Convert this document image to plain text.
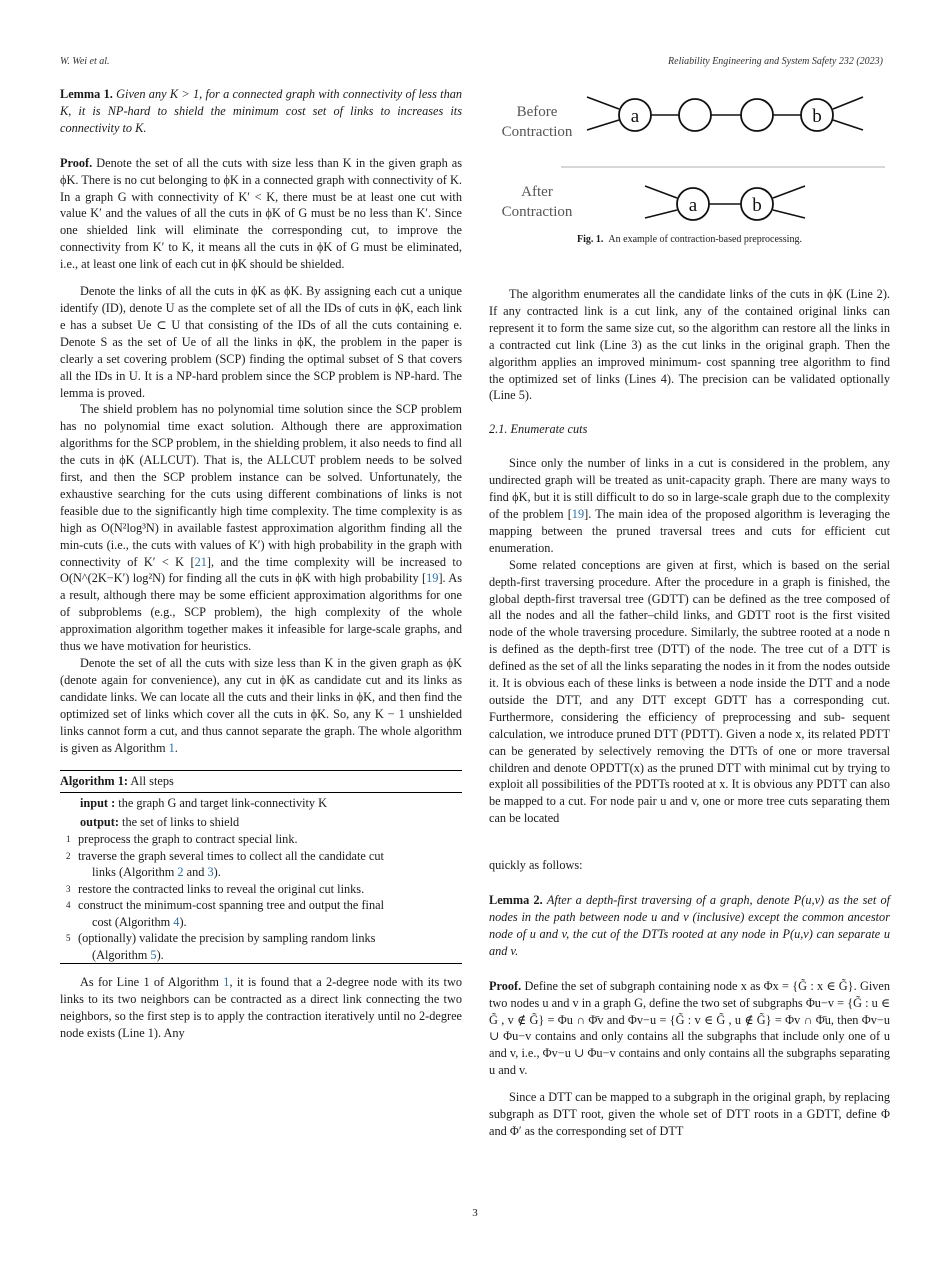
W. Wei et al.	Reliability Engineering and System Safety 232 (2023)

Lemma 1. Given any K > 1, for a connected graph with connectivity of less than K, it is NP-hard to shield the minimum cost set of links to increases its connectivity to K.

Proof. Denote the set of all the cuts with size less than K in the given graph as ϕK. There is no cut belonging to ϕK in a connected graph with connectivity of K. In a graph G with connectivity of K′ < K, there must be at least one cut with value K′ and the values of all the cuts in ϕK of G must be no less than K′. Since one shielded link will eliminate the corresponding cut, to improve the connectivity from K′ to K, it means all the cuts in ϕK of G must be eliminated, i.e., at least one link of each cut in ϕK should be shielded.

Denote the links of all the cuts in ϕK as ϕK. By assigning each cut a unique identify (ID), denote U as the complete set of all the IDs of cuts in ϕK, each link e has a subset Ue ⊂ U that consisting of the IDs of all the cuts containing e. Denote S as the set of Ue of all the links in ϕK, the problem in the paper is clearly a set covering problem (SCP) finding the optimal subset of S that covers all the IDs in U. It is a NP-hard problem since the SCP problem is NP-hard. The lemma is proved.

The shield problem has no polynomial time solution since the SCP problem has no polynomial time exact solution. Although there are approximation algorithms for the SCP problem, in the shielding problem, it also needs to find all the cuts in ϕK (ALLCUT). That is, the ALLCUT problem needs to be solved first, and then the SCP problem instance can be solved. Unfortunately, the exhaustive searching for the cuts using different combinations of links is not feasible due to the significantly high time complexity. The time complexity is as high as O(N²log³N) in available fastest approximation algorithm finding all the min-cuts (i.e., the cuts with values of K′) with high probability in the graph with connectivity of K′ < K [21], and the time complexity will be increased to O(N^(2K−K′) log²N) for finding all the cuts in ϕK with high probability [19]. As a result, although there may be some efficient approximation algorithms for one of subproblems (e.g., SCP problem), the high complexity of the whole approximation algorithm together makes it infeasible for large-scale graphs, and thus we have motivation for heuristics.

Denote the set of all the cuts with size less than K in the given graph as ϕK (denote again for convenience), any cut in ϕK as candidate cut and its links as candidate links. We can locate all the cuts and their links in ϕK, and then find the optimized set of links which cover all the cuts in ϕK. So, any K − 1 unshielded links cannot form a cut, and thus cannot separate the graph. The whole algorithm is given as Algorithm 1.

Algorithm 1: All steps
input : the graph G and target link-connectivity K
output: the set of links to shield
1 preprocess the graph to contract special link.
2 traverse the graph several times to collect all the candidate cut
links (Algorithm 2 and 3).
3 restore the contracted links to reveal the original cut links.
4 construct the minimum-cost spanning tree and output the final
cost (Algorithm 4).
5 (optionally) validate the precision by sampling random links
(Algorithm 5).

As for Line 1 of Algorithm 1, it is found that a 2-degree node with its two links to its two neighbors can be contracted as a direct link connecting the two neighbors, so the first step is to apply the contraction iteratively until no 2-degree node exists (Line 1). Any

Before
Contraction
a	b
After
Contraction	a	b
Fig. 1. An example of contraction-based preprocessing.

The algorithm enumerates all the candidate links of the cuts in ϕK (Line 2). If any contracted link is a cut link, any of the contained original links can represent it to form the same size cut, so the algorithm can restore all the links in a contracted cut link (Line 3) as the cut links in the original graph. Then the algorithm applies an improved minimum- cost spanning tree algorithm to find the optimized set of links (Lines 4). The precision can be validated optionally (Line 5).

2.1. Enumerate cuts

Since only the number of links in a cut is considered in the problem, any undirected graph will be treated as unit-capacity graph. There are many ways to find ϕK, but it is still difficult to do so in large-scale graph due to the complexity of the problem [19]. The main idea of the proposed algorithm is leveraging the mapping between the pruned traversal trees and cuts for efficient cut enumeration.

Some related conceptions are given at first, which is based on the serial depth-first traversing procedure. After the procedure in a graph is finished, the global depth-first traversal tree (GDTT) can be defined as the tree composed of all the nodes and all the father–child links, and GDTT root is the first visited node of the whole traversing procedure. Similarly, the subtree rooted at a node n is defined as the depth-first tree (DTT) of the node. The tree cut of a DTT is defined as the set of all the links separating the nodes in it from the nodes outside it. It is obvious each of these links is between a node inside the DTT and a node outside the DTT, and any DTT except GDTT has a corresponding cut. Furthermore, considering the efficiency of preprocessing and sub- sequent calculation, we introduce pruned DTT (PDTT). Given a node x, its related PDTT can be generated by selectively removing the DTTs of one or more traversal children and denote OPDTT(x) as the pruned DTT with minimal cut by trying to exploit all possibilities of the PDTTs rooted at x. It is obvious any PDTT can also be mapped to a cut. For node pair u and v, one or more tree cuts separating them can be located

quickly as follows:

Lemma 2. After a depth-first traversing of a graph, denote P(u,v) as the set of nodes in the path between node u and v (inclusive) except the common ancestor node of u and v, the cut of the DTTs rooted at any node in P(u,v) can separate u and v.

Proof. Define the set of subgraph containing node x as Φx = {G̃ : x ∈ G̃}. Given two nodes u and v in a graph G, define the two set of subgraphs Φu−v = {G̃ : u ∈ G̃ , v ∉ G̃} = Φu ∩ Φ̄v and Φv−u = {G̃ : v ∈ G̃ , u ∉ G̃} = Φv ∩ Φ̄u, then Φv−u ∪ Φu−v contains and only contains all the subgraphs that include only one of u and v, i.e., Φv−u ∪ Φu−v contains and only contains all the subgraphs separating u and v.

Since a DTT can be mapped to a subgraph in the original graph, by replacing subgraph as DTT root, given the whole set of DTT roots in a GDTT, define Φ and Φ′ as the corresponding set of DTT

3
